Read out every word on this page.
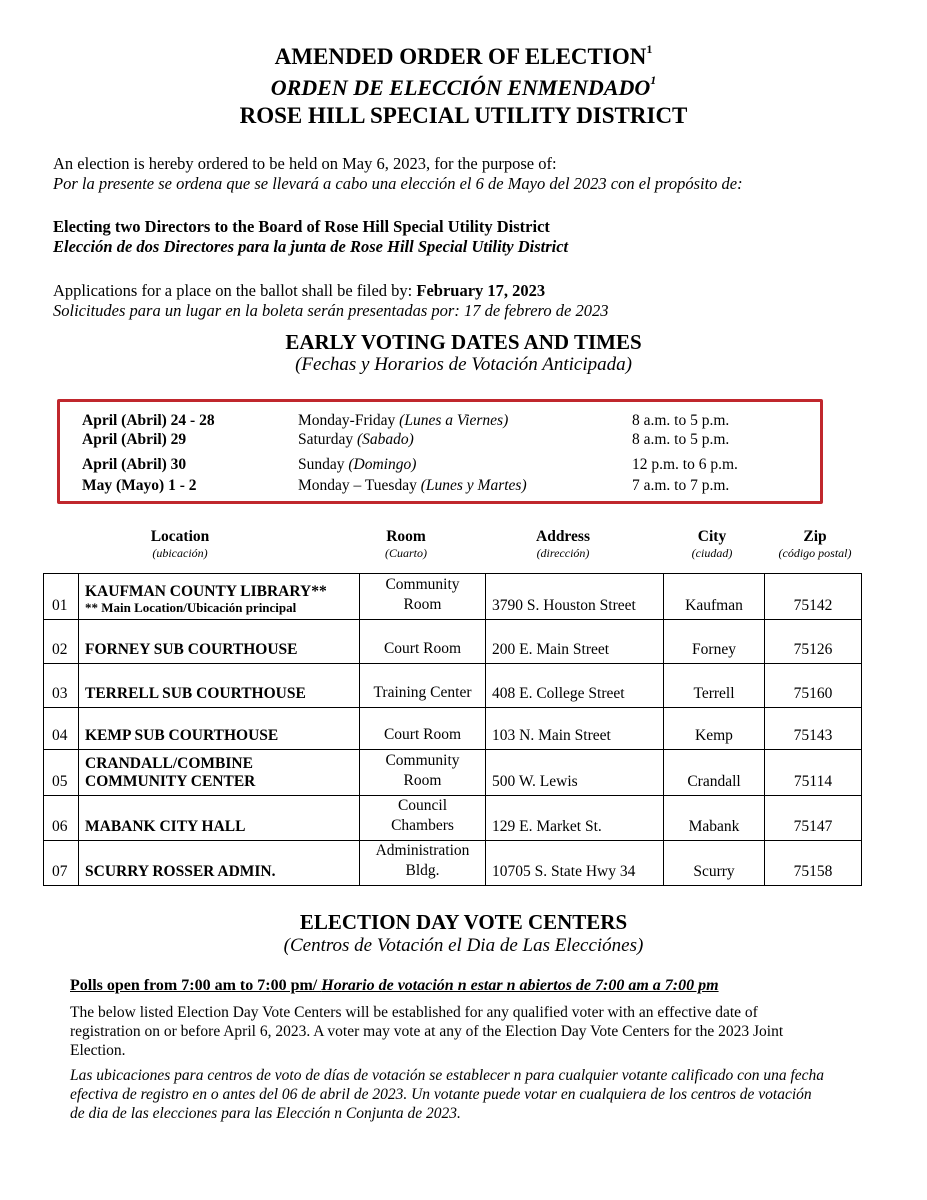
AMENDED ORDER OF ELECTION$^1$
ORDEN DE ELECCIÓN ENMENDADO$^1$
ROSE HILL SPECIAL UTILITY DISTRICT
An election is hereby ordered to be held on May 6, 2023, for the purpose of:
Por la presente se ordena que se llevará a cabo una elección el 6 de Mayo del 2023 con el propósito de:
Electing two Directors to the Board of Rose Hill Special Utility District
Elección de dos Directores para la junta de Rose Hill Special Utility District
Applications for a place on the ballot shall be filed by: February 17, 2023
Solicitudes para un lugar en la boleta serán presentadas por: 17 de febrero de 2023
EARLY VOTING DATES AND TIMES
(Fechas y Horarios de Votación Anticipada)
April (Abril) 24 - 28	Monday-Friday (Lunes a Viernes)	8 a.m. to 5 p.m.
April (Abril) 29	Saturday (Sabado)	8 a.m. to 5 p.m.
April (Abril) 30	Sunday (Domingo)	12 p.m. to 6 p.m.
May (Mayo) 1 - 2	Monday – Tuesday (Lunes y Martes)	7 a.m. to 7 p.m.
Location
(ubicación)
Room
(Cuarto)
Address
(dirección)
City
(ciudad)
Zip
(código postal)
01	KAUFMAN COUNTY LIBRARY**
** Main Location/Ubicación principal	Community
Room	3790 S. Houston Street	Kaufman	75142
02	FORNEY SUB COURTHOUSE	Court Room	200 E. Main Street	Forney	75126
03	TERRELL SUB COURTHOUSE	Training Center	408 E. College Street	Terrell	75160
04	KEMP SUB COURTHOUSE	Court Room	103 N. Main Street	Kemp	75143
05	CRANDALL/COMBINE
COMMUNITY CENTER	Community
Room	500 W. Lewis	Crandall	75114
06	MABANK CITY HALL	Council
Chambers	129 E. Market St.	Mabank	75147
07	SCURRY ROSSER ADMIN.	Administration
Bldg.	10705 S. State Hwy 34	Scurry	75158
ELECTION DAY VOTE CENTERS
(Centros de Votación el Dia de Las Elecciónes)
Polls open from 7:00 am to 7:00 pm/ Horario de votación n estar n abiertos de 7:00 am a 7:00 pm
The below listed Election Day Vote Centers will be established for any qualified voter with an effective date of registration on or before April 6, 2023. A voter may vote at any of the Election Day Vote Centers for the 2023 Joint Election.
Las ubicaciones para centros de voto de días de votación se establecer n para cualquier votante calificado con una fecha efectiva de registro en o antes del 06 de abril de 2023. Un votante puede votar en cualquiera de los centros de votación de dia de las elecciones para las Elección n Conjunta de 2023.
